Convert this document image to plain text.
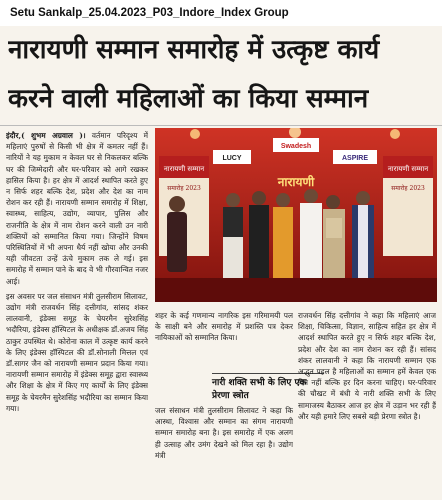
Setu Sankalp_25.04.2023_P03_Indore_Index Group
नारायणी सम्मान समारोह में उत्कृष्ट कार्य
करने वाली महिलाओं का किया सम्मान
इंदौर,( शुभम अग्रवाल )। वर्तमान परिदृश्य में महिलाएं पुरुषों से किसी भी क्षेत्र में कमतर नहीं हैं। नारियों ने यह मुकाम न केवल घर से निकलकर बल्कि घर की जिम्मेदारी और घर-परिवार को आगे रखकर हासिल किया है। हर क्षेत्र में आदर्श स्थापित करते हुए न सिर्फ शहर बल्कि देश, प्रदेश और देश का नाम रोशन कर रही हैं। नारायणी सम्मान समारोह में शिक्षा, स्वास्थ्य, साहित्य, उद्योग, व्यापार, पुलिस और राजनीति के क्षेत्र में नाम रोशन करने वाली उन नारी शक्तियों को सम्मानित किया गया। जिन्होंने विषम परिस्थितियों में भी अपना धैर्य नहीं खोया और उनकी यही जीवटता उन्हें ऊंचे मुकाम तक ले गई। इस समारोह में सम्मान पाने के बाद वे भी गौरवान्वित नजर आई।
इस अवसर पर जल संसाधन मंत्री तुलसीराम सिलावट, उद्योग मंत्री राजवर्धन सिंह दत्तीगांव, सांसद शंकर लालवानी, इंडेक्स समूह के चेयरमैन सुरेशसिंह भदौरिया, इंडेक्स हॉस्पिटल के अधीक्षक डॉ.अजय सिंह ठाकुर उपस्थित थे। कोरोना काल में उत्कृष्ट कार्य करने के लिए इंडेक्स हॉस्पिटल की डॉ.सोनाली मित्तल एवं डॉ.सागर जैन को नारायणी सम्मान प्रदान किया गया। नारायणी सम्मान समारोह में इंडेक्स समूह द्वारा स्वास्थ्य और शिक्षा के क्षेत्र में किए गए कार्यों के लिए इंडेक्स समूह के चेयरमैन सुरेशसिंह भदौरिया का सम्मान किया गया।
नारायणी सम्मान
समारोह 2023
नारायणी सम्मान
समारोह 2023
LUCY
Swadesh
ASPIRE
नारायणी
शहर के कई गणमान्य नागरिक इस गरिमामयी पल के साक्षी बने और समारोह में प्रशस्ति पत्र देकर नायिकाओं को सम्मानित किया।
नारी शक्ति सभी के लिए एक प्रेरणा स्त्रोत
जल संसाधन मंत्री तुलसीराम सिलावट ने कहा कि आस्था, विश्वास और सम्मान का संगम नारायणी सम्मान समारोह बना है। इस समारोह में एक अलग ही उत्साह और उमंग देखने को मिल रहा है। उद्योग मंत्री
राजवर्धन सिंह दत्तीगांव ने कहा कि महिलाएं आज शिक्षा, चिकित्सा, विज्ञान, साहित्य सहित हर क्षेत्र में आदर्श स्थापित करते हुए न सिर्फ शहर बल्कि देश, प्रदेश और देश का नाम रोशन कर रही हैं। सांसद शंकर लालवानी ने कहा कि नारायणी सम्मान एक अद्भुत पहल है महिलाओं का सम्मान हमें केवल एक दिन नहीं बल्कि हर दिन करना चाहिए। घर-परिवार की चौखट में बंधी ये नारी शक्ति सभी के लिए सामाजस्य बैठाकर आज हर क्षेत्र में उड़ान भर रही हैं और यही हमारे लिए सबसे बड़ी प्रेरणा स्त्रोत है।
